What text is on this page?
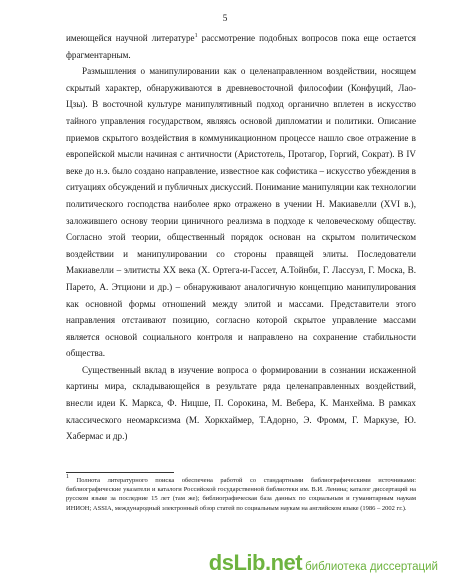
5

имеющейся научной литературе$^1$ рассмотрение подобных вопросов пока еще остается фрагментарным.

Размышления о манипулировании как о целенаправленном воздействии, носящем скрытый характер, обнаруживаются в древневосточной философии (Конфуций, Лао-Цзы). В восточной культуре манипулятивный подход органично вплетен в искусство тайного управления государством, являясь основой дипломатии и политики. Описание приемов скрытого воздействия в коммуникационном процессе нашло свое отражение в европейской мысли начиная с античности (Аристотель, Протагор, Горгий, Сократ). В IV веке до н.э. было создано направление, известное как софистика – искусство убеждения в ситуациях обсуждений и публичных дискуссий. Понимание манипуляции как технологии политического господства наиболее ярко отражено в учении Н. Макиавелли (XVI в.), заложившего основу теории циничного реализма в подходе к человеческому обществу. Согласно этой теории, общественный порядок основан на скрытом политическом воздействии и манипулировании со стороны правящей элиты. Последователи Макиавелли – элитисты XX века (Х. Ортега-и-Гассет, А.Тойнби, Г. Лассуэл, Г. Моска, В. Парето, А. Этциони и др.) – обнаруживают аналогичную концепцию манипулирования как основной формы отношений между элитой и массами. Представители этого направления отстаивают позицию, согласно которой скрытое управление массами является основой социального контроля и направлено на сохранение стабильности общества.

Существенный вклад в изучение вопроса о формировании в сознании искаженной картины мира, складывающейся в результате ряда целенаправленных воздействий, внесли идеи К. Маркса, Ф. Ницше, П. Сорокина, М. Вебера, К. Манхейма. В рамках классического неомарксизма (М. Хоркхаймер, Т.Адорно, Э. Фромм, Г. Маркузе, Ю. Хабермас и др.)

$^1$ Полнота литературного поиска обеспечена работой со стандартными библиографическими источниками: библиографические указатели и каталоги Российской государственной библиотеки им. В.И. Ленина; каталог диссертаций на русском языке за последние 15 лет (там же); библиографическая база данных по социальным и гуманитарным наукам ИНИОН; ASSIA, международный электронный обзор статей по социальным наукам на английском языке (1986 – 2002 гг.).

dsLib.net библиотека диссертаций
